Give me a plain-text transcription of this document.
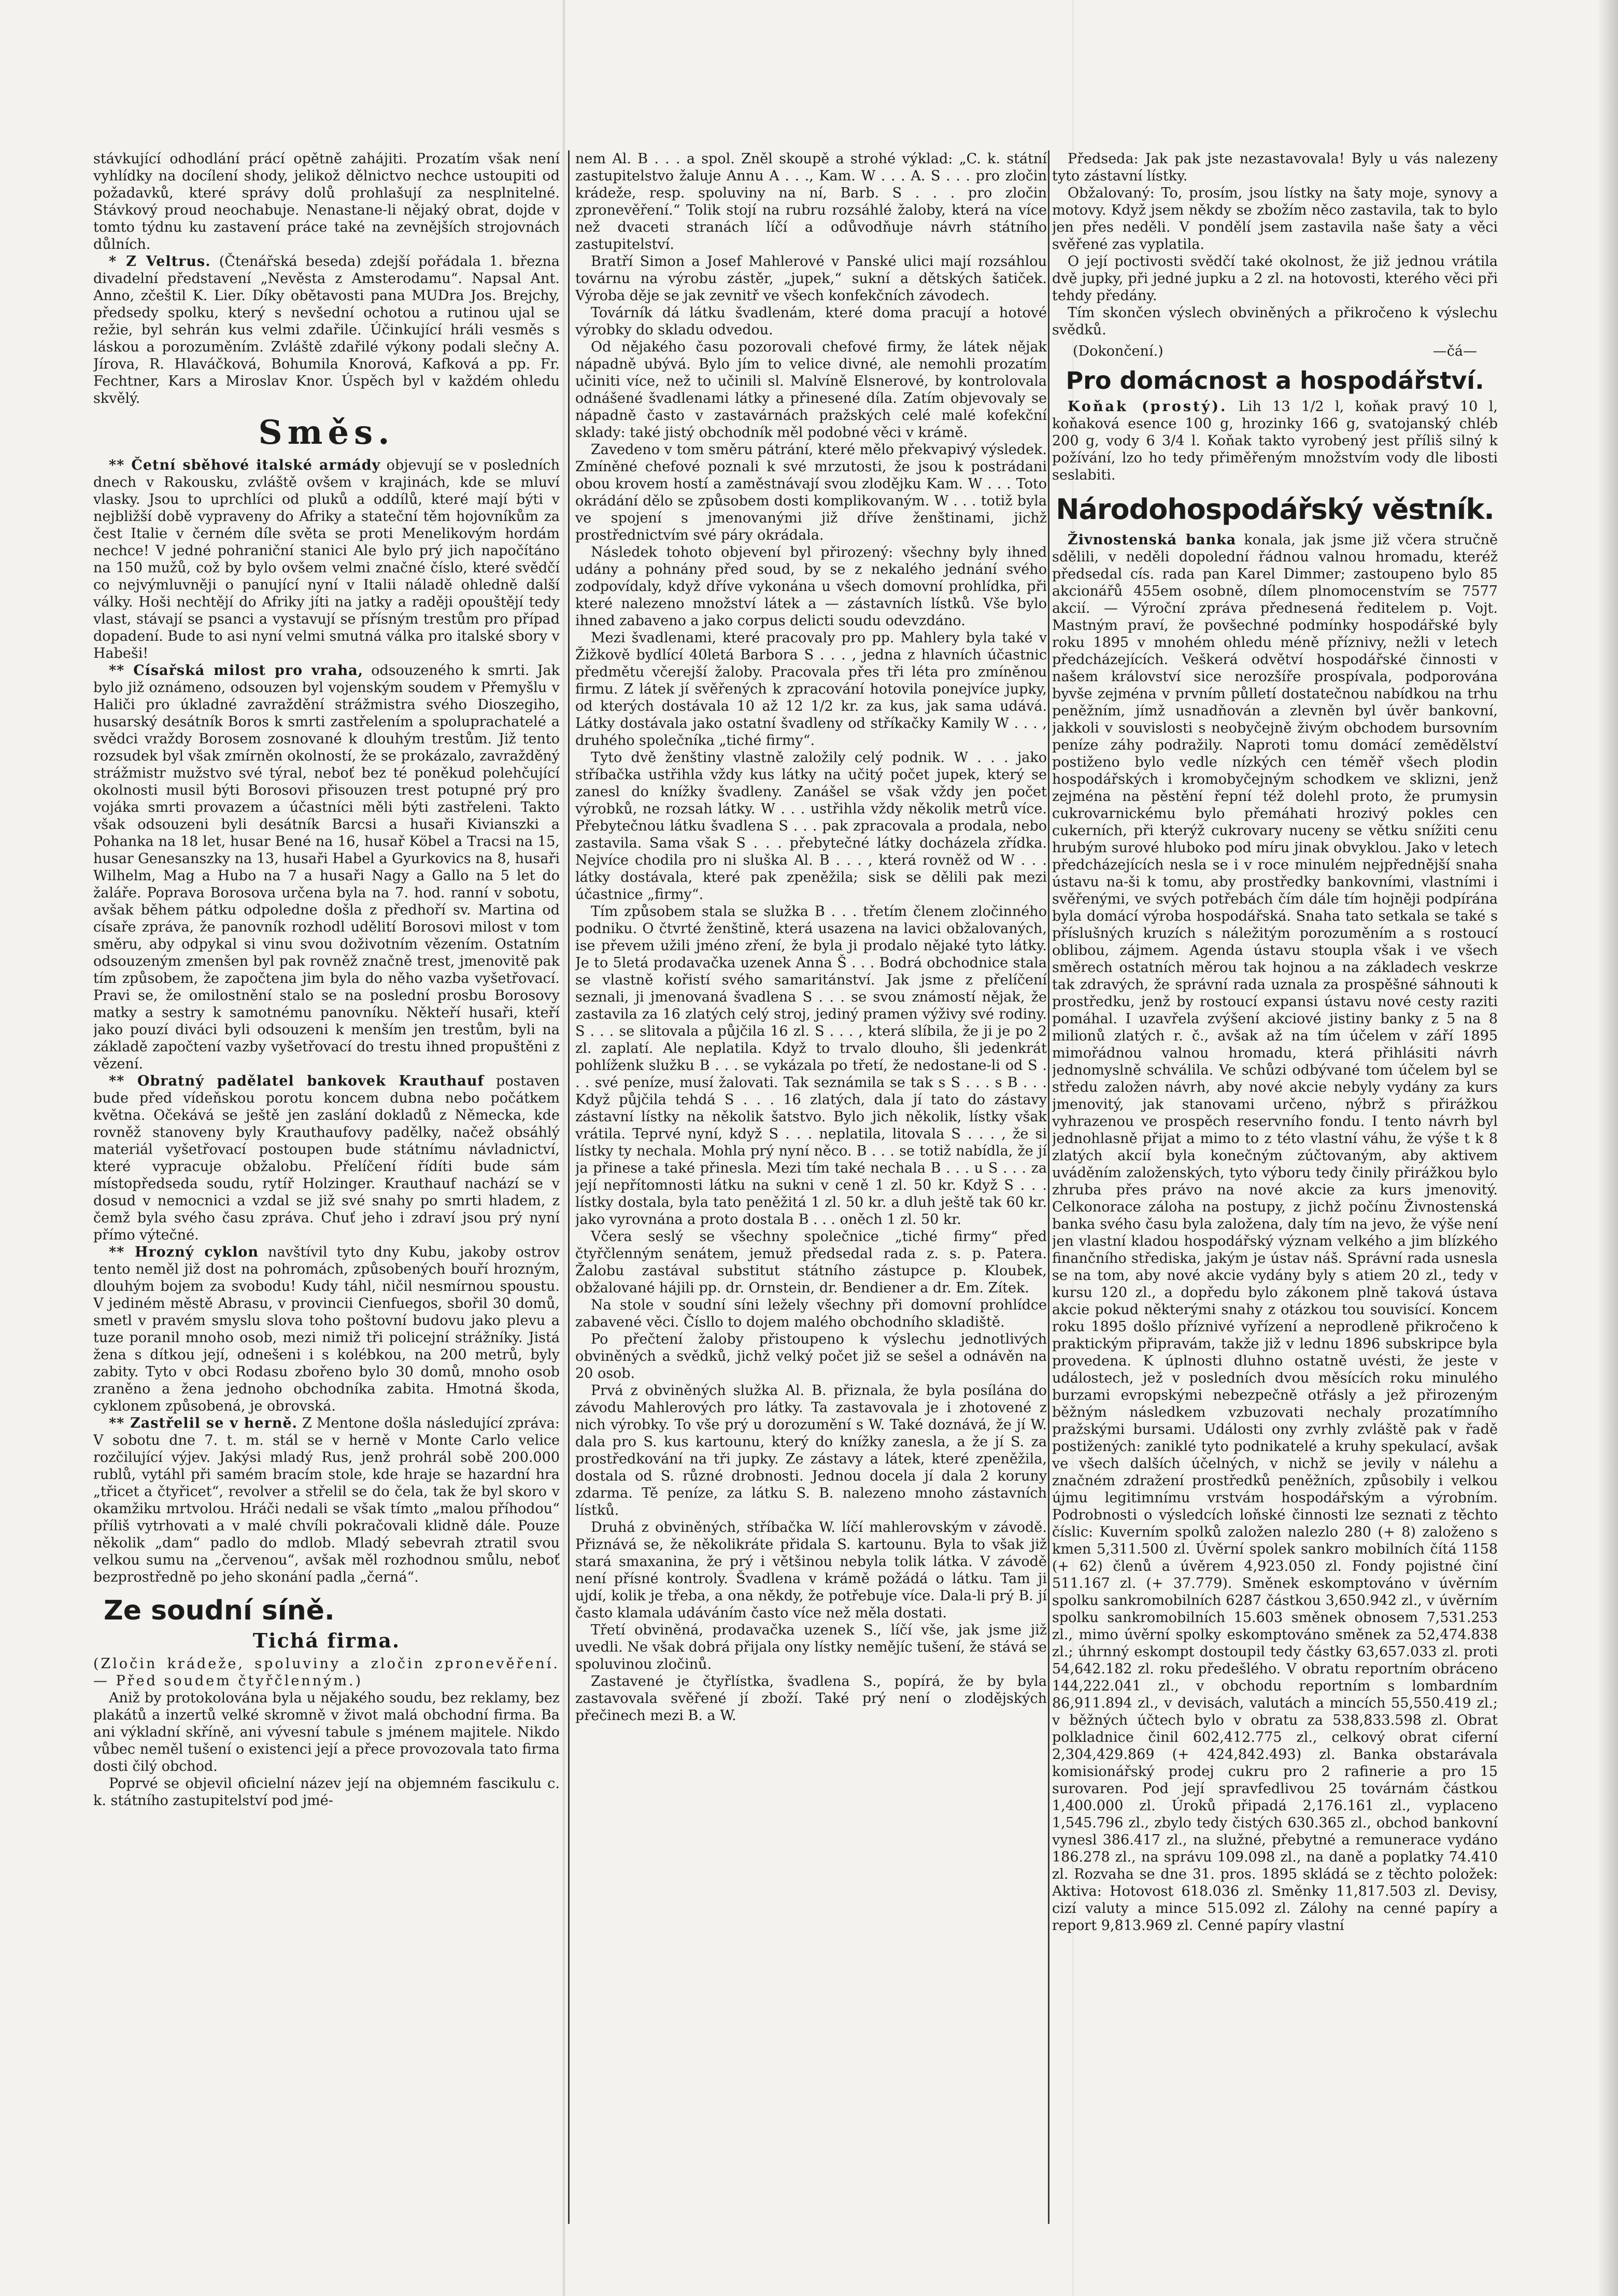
stávkující odhodlání prácí opětně zahájiti. Prozatím však není vyhlídky na docílení shody, jelikož dělnictvo nechce ustoupiti od požadavků, které správy dolů prohlašují za nesplnitelné. Stávkový proud neochabuje. Nenastane-li nějaký obrat, dojde v tomto týdnu ku zastavení práce také na zevnějších strojovnách důlních.

* Z Veltrus. (Čtenářská beseda) zdejší pořádala 1. března divadelní představení „Nevěsta z Amsterodamu“. Napsal Ant. Anno, zčeštil K. Lier. Díky obětavosti pana MUDra Jos. Brejchy, předsedy spolku, který s nevšední ochotou a rutinou ujal se režie, byl sehrán kus velmi zdařile. Účinkující hráli vesměs s láskou a porozuměním. Zvláště zdařilé výkony podali slečny A. Jírova, R. Hlaváčková, Bohumila Knorová, Kafková a pp. Fr. Fechtner, Kars a Miroslav Knor. Úspěch byl v každém ohledu skvělý.

Směs.

** Četní sběhové italské armády objevují se v posledních dnech v Rakousku, zvláště ovšem v krajinách, kde se mluví vlasky. Jsou to uprchlíci od pluků a oddílů, které mají býti v nejbližší době vypraveny do Afriky a stateční těm hojovníkům za čest Italie v černém díle světa se proti Menelikovým hordám nechce! V jedné pohraniční stanici Ale bylo prý jich napočítáno na 150 mužů, což by bylo ovšem velmi značné číslo, které svědčí co nejvýmluvněji o panující nyní v Italii náladě ohledně další války. Hoši nechtějí do Afriky jíti na jatky a raději opouštějí tedy vlast, stávají se psanci a vystavují se přísným trestům pro případ dopadení. Bude to asi nyní velmi smutná válka pro italské sbory v Habeši!

** Císařská milost pro vraha, odsouzeného k smrti. Jak bylo již oznámeno, odsouzen byl vojenským soudem v Přemyšlu v Haliči pro úkladné zavraždění strážmistra svého Dioszegiho, husarský desátník Boros k smrti zastřelením a spoluprachatelé a svědci vraždy Borosem zosnované k dlouhým trestům. Již tento rozsudek byl však zmírněn okolností, že se prokázalo, zavražděný strážmistr mužstvo své týral, neboť bez té poněkud polehčující okolnosti musil býti Borosovi přisouzen trest potupné prý pro vojáka smrti provazem a účastníci měli býti zastřeleni. Takto však odsouzeni byli desátník Barcsi a husaři Kivianszki a Pohanka na 18 let, husar Bené na 16, husař Köbel a Tracsi na 15, husar Genesanszky na 13, husaři Habel a Gyurkovics na 8, husaři Wilhelm, Mag a Hubo na 7 a husaři Nagy a Gallo na 5 let do žaláře. Poprava Borosova určena byla na 7. hod. ranní v sobotu, avšak během pátku odpoledne došla z předhoří sv. Martina od císaře zpráva, že panovník rozhodl udělití Borosovi milost v tom směru, aby odpykal si vinu svou doživotním vězením. Ostatním odsouzeným zmenšen byl pak rovněž značně trest, jmenovitě pak tím způsobem, že započtena jim byla do něho vazba vyšetřovací. Pravi se, že omilostnění stalo se na poslední prosbu Borosovy matky a sestry k samotnému panovníku. Někteří husaři, kteří jako pouzí diváci byli odsouzeni k menším jen trestům, byli na základě započtení vazby vyšetřovací do trestu ihned propuštěni z vězení.

** Obratný padělatel bankovek Krauthauf postaven bude před vídeňskou porotu koncem dubna nebo počátkem května. Očekává se ještě jen zaslání dokladů z Německa, kde rovněž stanoveny byly Krauthaufovy padělky, načež obsáhlý materiál vyšetřovací postoupen bude státnímu návladnictví, které vypracuje obžalobu. Přelíčení řídíti bude sám místopředseda soudu, rytíř Holzinger. Krauthauf nachází se v dosud v nemocnici a vzdal se již své snahy po smrti hladem, z čemž byla svého času zpráva. Chuť jeho i zdraví jsou prý nyní přímo výtečné.

** Hrozný cyklon navštívil tyto dny Kubu, jakoby ostrov tento neměl již dost na pohromách, způsobených bouří hrozným, dlouhým bojem za svobodu! Kudy táhl, ničil nesmírnou spoustu. V jediném městě Abrasu, v provincii Cienfuegos, sbořil 30 domů, smetl v pravém smyslu slova toho poštovní budovu jako plevu a tuze poranil mnoho osob, mezi nimiž tři policejní strážníky. Jistá žena s dítkou její, odnešeni i s kolébkou, na 200 metrů, byly zabity. Tyto v obci Rodasu zbořeno bylo 30 domů, mnoho osob zraněno a žena jednoho obchodníka zabita. Hmotná škoda, cyklonem způsobená, je obrovská.

** Zastřelil se v herně. Z Mentone došla následující zpráva: V sobotu dne 7. t. m. stál se v herně v Monte Carlo velice rozčilující výjev. Jakýsi mladý Rus, jenž prohrál sobě 200.000 rublů, vytáhl při samém bracím stole, kde hraje se hazardní hra „třicet a čtyřicet“, revolver a střelil se do čela, tak že byl skoro v okamžiku mrtvolou. Hráči nedali se však tímto „malou příhodou“ příliš vytrhovati a v malé chvíli pokračovali klidně dále. Pouze několik „dam“ padlo do mdlob. Mladý sebevrah ztratil svou velkou sumu na „červenou“, avšak měl rozhodnou smůlu, neboť bezprostředně po jeho skonání padla „černá“.

Ze soudní síně.
Tichá firma.

(Zločin krádeže, spoluviny a zločin zpronevěření. — Před soudem čtyřčlenným.)

Aniž by protokolována byla u nějakého soudu, bez reklamy, bez plakátů a inzertů velké skromně v život malá obchodní firma. Ba ani výkladní skříně, ani vývesní tabule s jménem majitele. Nikdo vůbec neměl tušení o existenci její a přece provozovala tato firma dosti čilý obchod.

Poprvé se objevil oficielní název její na objemném fascikulu c. k. státního zastupitelství pod jmé-

nem Al. B . . . a spol. Zněl skoupě a strohé výklad: „C. k. státní zastupitelstvo žaluje Annu A . . ., Kam. W . . . A. S . . . pro zločin krádeže, resp. spoluviny na ní, Barb. S . . . pro zločin zpronevěření.“ Tolik stojí na rubru rozsáhlé žaloby, která na více než dvaceti stranách líčí a odůvodňuje návrh státního zastupitelství.

Bratří Simon a Josef Mahlerové v Panské ulici mají rozsáhlou továrnu na výrobu zástěr, „jupek,“ sukní a dětských šatiček. Výroba děje se jak zevnitř ve všech konfekčních závodech.

Továrník dá látku švadlenám, které doma pracují a hotové výrobky do skladu odvedou.

Od nějakého času pozorovali chefové firmy, že látek nějak nápadně ubývá. Bylo jím to velice divné, ale nemohli prozatím učiniti více, než to učinili sl. Malvíně Elsnerové, by kontrolovala odnášené švadlenami látky a přinesené díla. Zatím objevovaly se nápadně často v zastavárnách pražských celé malé kofekční sklady: také jistý obchodník měl podobné věci v krámě.

Zavedeno v tom směru pátrání, které mělo překvapivý výsledek. Zmíněné chefové poznali k své mrzutosti, že jsou k postrádani obou krovem hostí a zaměstnávají svou zlodějku Kam. W . . . Toto okrádání dělo se způsobem dosti komplikovaným. W . . . totiž byla ve spojení s jmenovanými již dříve ženštinami, jichž prostřednictvím své páry okrádala.

Následek tohoto objevení byl přirozený: všechny byly ihned udány a pohnány před soud, by se z nekalého jednání svého zodpovídaly, když dříve vykonána u všech domovní prohlídka, při které nalezeno množství látek a — zástavních lístků. Vše bylo ihned zabaveno a jako corpus delicti soudu odevzdáno.

Mezi švadlenami, které pracovaly pro pp. Mahlery byla také v Žižkově bydlící 40letá Barbora S . . . , jedna z hlavních účastnic předmětu včerejší žaloby. Pracovala přes tři léta pro zmíněnou firmu. Z látek jí svěřených k zpracování hotovila ponejvíce jupky, od kterých dostávala 10 až 12 1/2 kr. za kus, jak sama udává. Látky dostávala jako ostatní švadleny od stříkačky Kamily W . . . , druhého společníka „tiché firmy“.

Tyto dvě ženštiny vlastně založily celý podnik. W . . . jako stříbačka ustřihla vždy kus látky na učitý počet jupek, který se zanesl do knížky švadleny. Zanášel se však vždy jen počet výrobků, ne rozsah látky. W . . . ustřihla vždy několik metrů více. Přebytečnou látku švadlena S . . . pak zpracovala a prodala, nebo zastavila. Sama však S . . . přebytečné látky docházela zřídka. Nejvíce chodila pro ni sluška Al. B . . . , která rovněž od W . . . látky dostávala, které pak zpeněžila; sisk se dělili pak mezi účastnice „firmy“.

Tím způsobem stala se služka B . . . třetím členem zločinného podniku. O čtvrté ženštině, která usazena na lavici obžalovaných, ise převem užili jméno zření, že byla ji prodalo nějaké tyto látky. Je to 5letá prodavačka uzenek Anna Š . . . Bodrá obchodnice stala se vlastně kořistí svého samaritánství. Jak jsme z přelíčení seznali, ji jmenovaná švadlena S . . . se svou známostí nějak, že zastavila za 16 zlatých celý stroj, jediný pramen výživy své rodiny. S . . . se slitovala a půjčila 16 zl. S . . . , která slíbila, že ji je po 2 zl. zaplatí. Ale neplatila. Když to trvalo dlouho, šli jedenkrát pohlíženk služku B . . . se vykázala po třetí, že nedostane-li od S . . . své peníze, musí žalovati. Tak seznámila se tak s S . . . s B . . . Když půjčila tehdá S . . . 16 zlatých, dala jí tato do zástavy zástavní lístky na několik šatstvo. Bylo jich několik, lístky však vrátila. Teprvé nyní, když S . . . neplatila, litovala S . . . , že si lístky ty nechala. Mohla prý nyní něco. B . . . se totiž nabídla, že jí ja přinese a také přinesla. Mezi tím také nechala B . . . u S . . . za její nepřítomnosti látku na sukni v ceně 1 zl. 50 kr. Když S . . . lístky dostala, byla tato peněžitá 1 zl. 50 kr. a dluh ještě tak 60 kr. jako vyrovnána a proto dostala B . . . oněch 1 zl. 50 kr.

Včera seslý se všechny společnice „tiché firmy“ před čtyřčlenným senátem, jemuž předsedal rada z. s. p. Patera. Žalobu zastával substitut státního zástupce p. Kloubek, obžalované hájili pp. dr. Ornstein, dr. Bendiener a dr. Em. Zítek.

Na stole v soudní síni ležely všechny při domovní prohlídce zabavené věci. Čísllo to dojem malého obchodního skladiště.

Po přečtení žaloby přistoupeno k výslechu jednotlivých obviněných a svědků, jichž velký počet již se sešel a odnávěn na 20 osob.

Prvá z obviněných služka Al. B. přiznala, že byla posílána do závodu Mahlerových pro látky. Ta zastavovala je i zhotovené z nich výrobky. To vše prý u dorozumění s W. Také doznává, že jí W. dala pro S. kus kartounu, který do knížky zanesla, a že jí S. za prostředkování na tři jupky. Ze zástavy a látek, které zpeněžila, dostala od S. různé drobnosti. Jednou docela jí dala 2 koruny zdarma. Tě peníze, za látku S. B. nalezeno mnoho zástavních lístků.

Druhá z obviněných, stříbačka W. líčí mahlerovským v závodě. Přiznává se, že několikráte přidala S. kartounu. Byla to však již stará smaxanina, že prý i většinou nebyla tolik látka. V závodě není přísné kontroly. Švadlena v krámě požádá o látku. Tam ji ujdí, kolik je třeba, a ona někdy, že potřebuje více. Dala-li prý B. jí často klamala udáváním často více než měla dostati.

Třetí obviněná, prodavačka uzenek S., líčí vše, jak jsme již uvedli. Ne však dobrá přijala ony lístky nemějíc tušení, že stává se spoluvinou zločinů.

Zastavené je čtyřlístka, švadlena S., popírá, že by byla zastavovala svěřené jí zboží. Také prý není o zlodějských přečinech mezi B. a W.

Předseda: Jak pak jste nezastavovala! Byly u vás nalezeny tyto zástavní lístky.

Obžalovaný: To, prosím, jsou lístky na šaty moje, synovy a motovy. Když jsem někdy se zbožím něco zastavila, tak to bylo jen přes neděli. V pondělí jsem zastavila naše šaty a věci svěřené zas vyplatila.

O její poctivosti svědčí také okolnost, že již jednou vrátila dvě jupky, při jedné jupku a 2 zl. na hotovosti, kterého věci při tehdy předány.

Tím skončen výslech obviněných a přikročeno k výslechu svědků.

(Dokončení.)	—čá—
Pro domácnost a hospodářství.

Koňak (prostý). Lih 13 1/2 l, koňak pravý 10 l, koňaková esence 100 g, hrozinky 166 g, svatojanský chléb 200 g, vody 6 3/4 l. Koňak takto vyrobený jest příliš silný k požívání, lzo ho tedy přiměřeným množstvím vody dle libosti seslabiti.

Národohospodářský věstník.

Živnostenská banka konala, jak jsme již včera stručně sdělili, v neděli dopolední řádnou valnou hromadu, kteréž předsedal cís. rada pan Karel Dimmer; zastoupeno bylo 85 akcionářů 455em osobně, dílem plnomocenstvím se 7577 akcií. — Výroční zpráva přednesená ředitelem p. Vojt. Mastným praví, že povšechné podmínky hospodářské byly roku 1895 v mnohém ohledu méně příznivy, nežli v letech předcházejících. Veškerá odvětví hospodářské činnosti v našem království sice nerozšíře prospívala, podporována byvše zejména v prvním půlletí dostatečnou nabídkou na trhu peněžním, jímž usnadňován a zlevněn byl úvěr bankovní, jakkoli v souvislosti s neobyčejně živým obchodem bursovním peníze záhy podražily. Naproti tomu domácí zemědělství postiženo bylo vedle nízkých cen téměř všech plodin hospodářských i kromobyčejným schodkem ve sklizni, jenž zejména na pěstění řepní též dolehl proto, že prumysin cukrovarnickému bylo přemáhati hrozivý pokles cen cukerních, při kterýž cukrovary nuceny se větku snížiti cenu hrubým surové hluboko pod míru jinak obvyklou. Jako v letech předcházejících nesla se i v roce minulém nejpřednější snaha ústavu na-ši k tomu, aby prostředky bankovními, vlastními i svěřenými, ve svých potřebách čím dále tím hojněji podpírána byla domácí výroba hospodářská. Snaha tato setkala se také s příslušných kruzích s náležitým porozuměním a s rostoucí oblibou, zájmem. Agenda ústavu stoupla však i ve všech směrech ostatních měrou tak hojnou a na základech veskrze tak zdravých, že správní rada uznala za prospěšné sáhnouti k prostředku, jenž by rostoucí expansi ústavu nové cesty raziti pomáhal. I uzavřela zvýšení akciové jistiny banky z 5 na 8 milionů zlatých r. č., avšak až na tím účelem v září 1895 mimořádnou valnou hromadu, která přihlásiti návrh jednomyslně schválila. Ve schůzi odbývané tom účelem byl se středu založen návrh, aby nové akcie nebyly vydány za kurs jmenovitý, jak stanovami určeno, nýbrž s přirážkou vyhrazenou ve prospěch reservního fondu. I tento návrh byl jednohlasně přijat a mimo to z této vlastní váhu, že výše t k 8 zlatých akcií byla konečným zúčtovaným, aby aktivem uváděním založenských, tyto výboru tedy činily přirážkou bylo zhruba přes právo na nové akcie za kurs jmenovitý. Celkonorace záloha na postupy, z jichž počínu Živnostenská banka svého času byla založena, daly tím na jevo, že výše není jen vlastní kladou hospodářský význam velkého a jim blízkého finančního střediska, jakým je ústav náš. Správní rada usnesla se na tom, aby nové akcie vydány byly s atiem 20 zl., tedy v kursu 120 zl., a dopředu bylo zákonem plně taková ústava akcie pokud některými snahy z otázkou tou souvisící. Koncem roku 1895 došlo příznivé vyřízení a neprodleně přikročeno k praktickým připravám, takže již v lednu 1896 subskripce byla provedena. K úplnosti dluhno ostatně uvésti, že jeste v událostech, jež v posledních dvou měsících roku minulého burzami evropskými nebezpečně otřásly a jež přirozeným běžným následkem vzbuzovati nechaly prozatímního pražskými bursami. Události ony zvrhly zvláště pak v řadě postižených: zaniklé tyto podnikatelé a kruhy spekulací, avšak ve všech dalších účelných, v nichž se jevily v nálehu a značném zdražení prostředků peněžních, způsobily i velkou újmu legitimnímu vrstvám hospodářským a výrobním. Podrobnosti o výsledcích loňské činnosti lze seznati z těchto číslic: Kuverním spolků založen nalezlo 280 (+ 8) založeno s kmen 5,311.500 zl. Úvěrní spolek sankro mobilních čítá 1158 (+ 62) členů a úvěrem 4,923.050 zl. Fondy pojistné činí 511.167 zl. (+ 37.779). Směnek eskomptováno v úvěrním spolku sankromobilních 6287 částkou 3,650.942 zl., v úvěrním spolku sankromobilních 15.603 směnek obnosem 7,531.253 zl., mimo úvěrní spolky eskomptováno směnek za 52,474.838 zl.; úhrnný eskompt dostoupil tedy částky 63,657.033 zl. proti 54,642.182 zl. roku předešlého. V obratu reportním obráceno 144,222.041 zl., v obchodu reportním s lombardním 86,911.894 zl., v devisách, valutách a mincích 55,550.419 zl.; v běžných účtech bylo v obratu za 538,833.598 zl. Obrat polkladnice činil 602,412.775 zl., celkový obrat ciferní 2,304,429.869 (+ 424,842.493) zl. Banka obstarávala komisionářský prodej cukru pro 2 rafinerie a pro 15 surovaren. Pod její spravfedlivou 25 továrnám částkou 1,400.000 zl. Úroků připadá 2,176.161 zl., vyplaceno 1,545.796 zl., zbylo tedy čistých 630.365 zl., obchod bankovní vynesl 386.417 zl., na služné, přebytné a remunerace vydáno 186.278 zl., na správu 109.098 zl., na daně a poplatky 74.410 zl. Rozvaha se dne 31. pros. 1895 skládá se z těchto položek: Aktiva: Hotovost 618.036 zl. Směnky 11,817.503 zl. Devisy, cizí valuty a mince 515.092 zl. Zálohy na cenné papíry a report 9,813.969 zl. Cenné papíry vlastní
